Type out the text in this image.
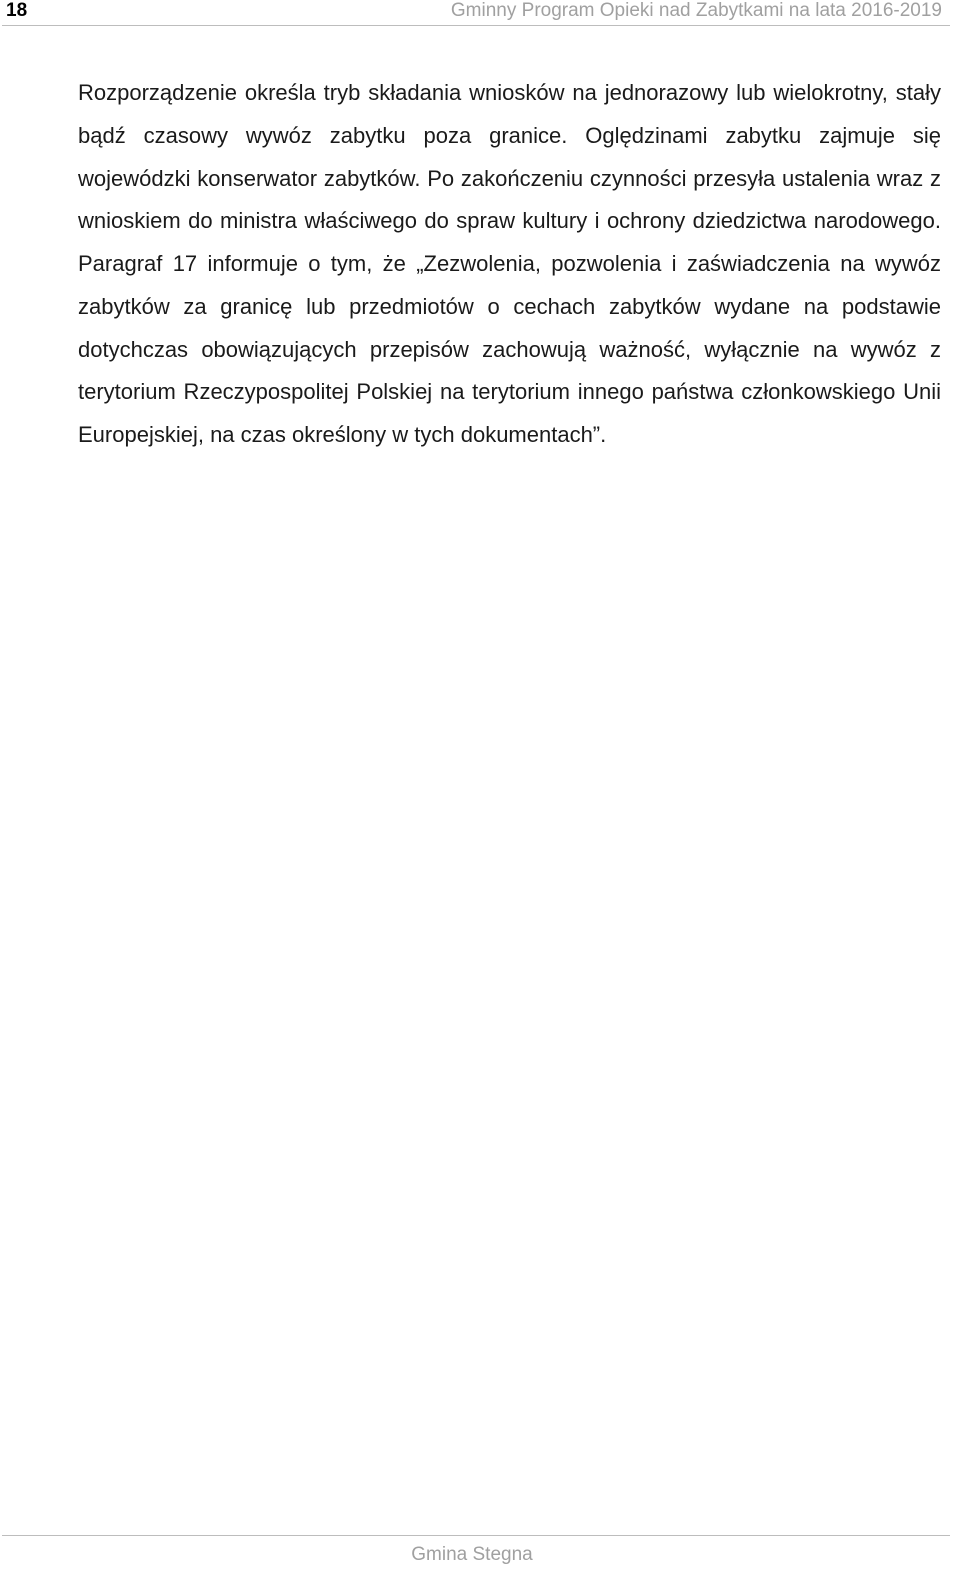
18	Gminny Program Opieki nad Zabytkami na lata 2016-2019

Rozporządzenie określa tryb składania wniosków na jednorazowy lub wielokrotny, stały bądź czasowy wywóz zabytku poza granice. Oględzinami zabytku zajmuje się wojewódzki konserwator zabytków. Po zakończeniu czynności przesyła ustalenia wraz z wnioskiem do ministra właściwego do spraw kultury i ochrony dziedzictwa narodowego. Paragraf 17 informuje o tym, że „Zezwolenia, pozwolenia i zaświadczenia na wywóz zabytków za granicę lub przedmiotów o cechach zabytków wydane na podstawie dotychczas obowiązujących przepisów zachowują ważność, wyłącznie na wywóz z terytorium Rzeczypospolitej Polskiej na terytorium innego państwa członkowskiego Unii Europejskiej, na czas określony w tych dokumentach”.

Gmina Stegna
